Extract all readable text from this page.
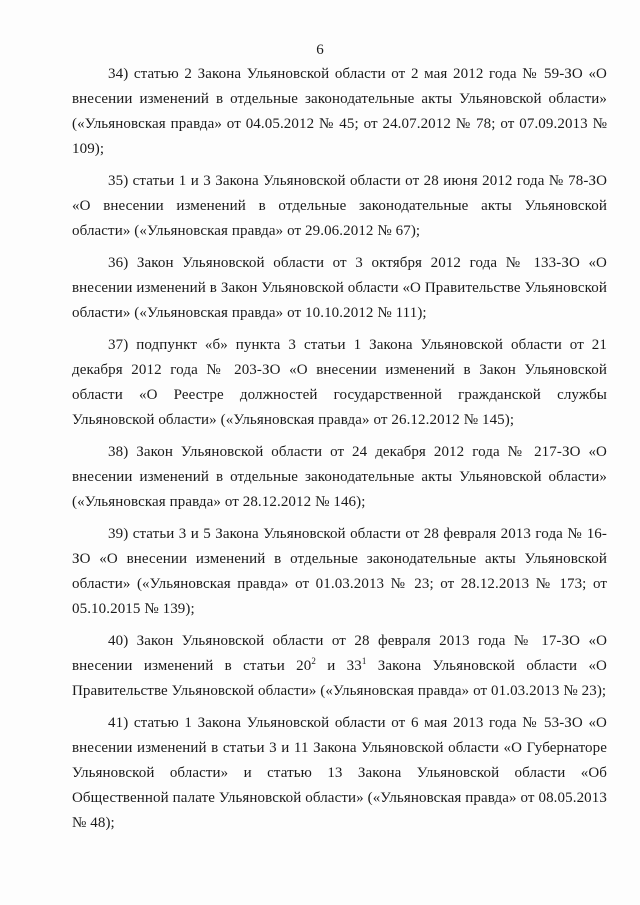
6

34) статью 2 Закона Ульяновской области от 2 мая 2012 года № 59-ЗО «О внесении изменений в отдельные законодательные акты Ульяновской области» («Ульяновская правда» от 04.05.2012 № 45; от 24.07.2012 № 78; от 07.09.2013 № 109);

35) статьи 1 и 3 Закона Ульяновской области от 28 июня 2012 года № 78-ЗО «О внесении изменений в отдельные законодательные акты Ульяновской области» («Ульяновская правда» от 29.06.2012 № 67);

36) Закон Ульяновской области от 3 октября 2012 года № 133-ЗО «О внесении изменений в Закон Ульяновской области «О Правительстве Ульяновской области» («Ульяновская правда» от 10.10.2012 № 111);

37) подпункт «б» пункта 3 статьи 1 Закона Ульяновской области от 21 декабря 2012 года № 203-ЗО «О внесении изменений в Закон Ульяновской области «О Реестре должностей государственной гражданской службы Ульяновской области» («Ульяновская правда» от 26.12.2012 № 145);

38) Закон Ульяновской области от 24 декабря 2012 года № 217-ЗО «О внесении изменений в отдельные законодательные акты Ульяновской области» («Ульяновская правда» от 28.12.2012 № 146);

39) статьи 3 и 5 Закона Ульяновской области от 28 февраля 2013 года № 16-ЗО «О внесении изменений в отдельные законодательные акты Ульяновской области» («Ульяновская правда» от 01.03.2013 № 23; от 28.12.2013 № 173; от 05.10.2015 № 139);

40) Закон Ульяновской области от 28 февраля 2013 года № 17-ЗО «О внесении изменений в статьи $20^2$ и $33^1$ Закона Ульяновской области «О Правительстве Ульяновской области» («Ульяновская правда» от 01.03.2013 № 23);

41) статью 1 Закона Ульяновской области от 6 мая 2013 года № 53-ЗО «О внесении изменений в статьи 3 и 11 Закона Ульяновской области «О Губернаторе Ульяновской области» и статью 13 Закона Ульяновской области «Об Общественной палате Ульяновской области» («Ульяновская правда» от 08.05.2013 № 48);
